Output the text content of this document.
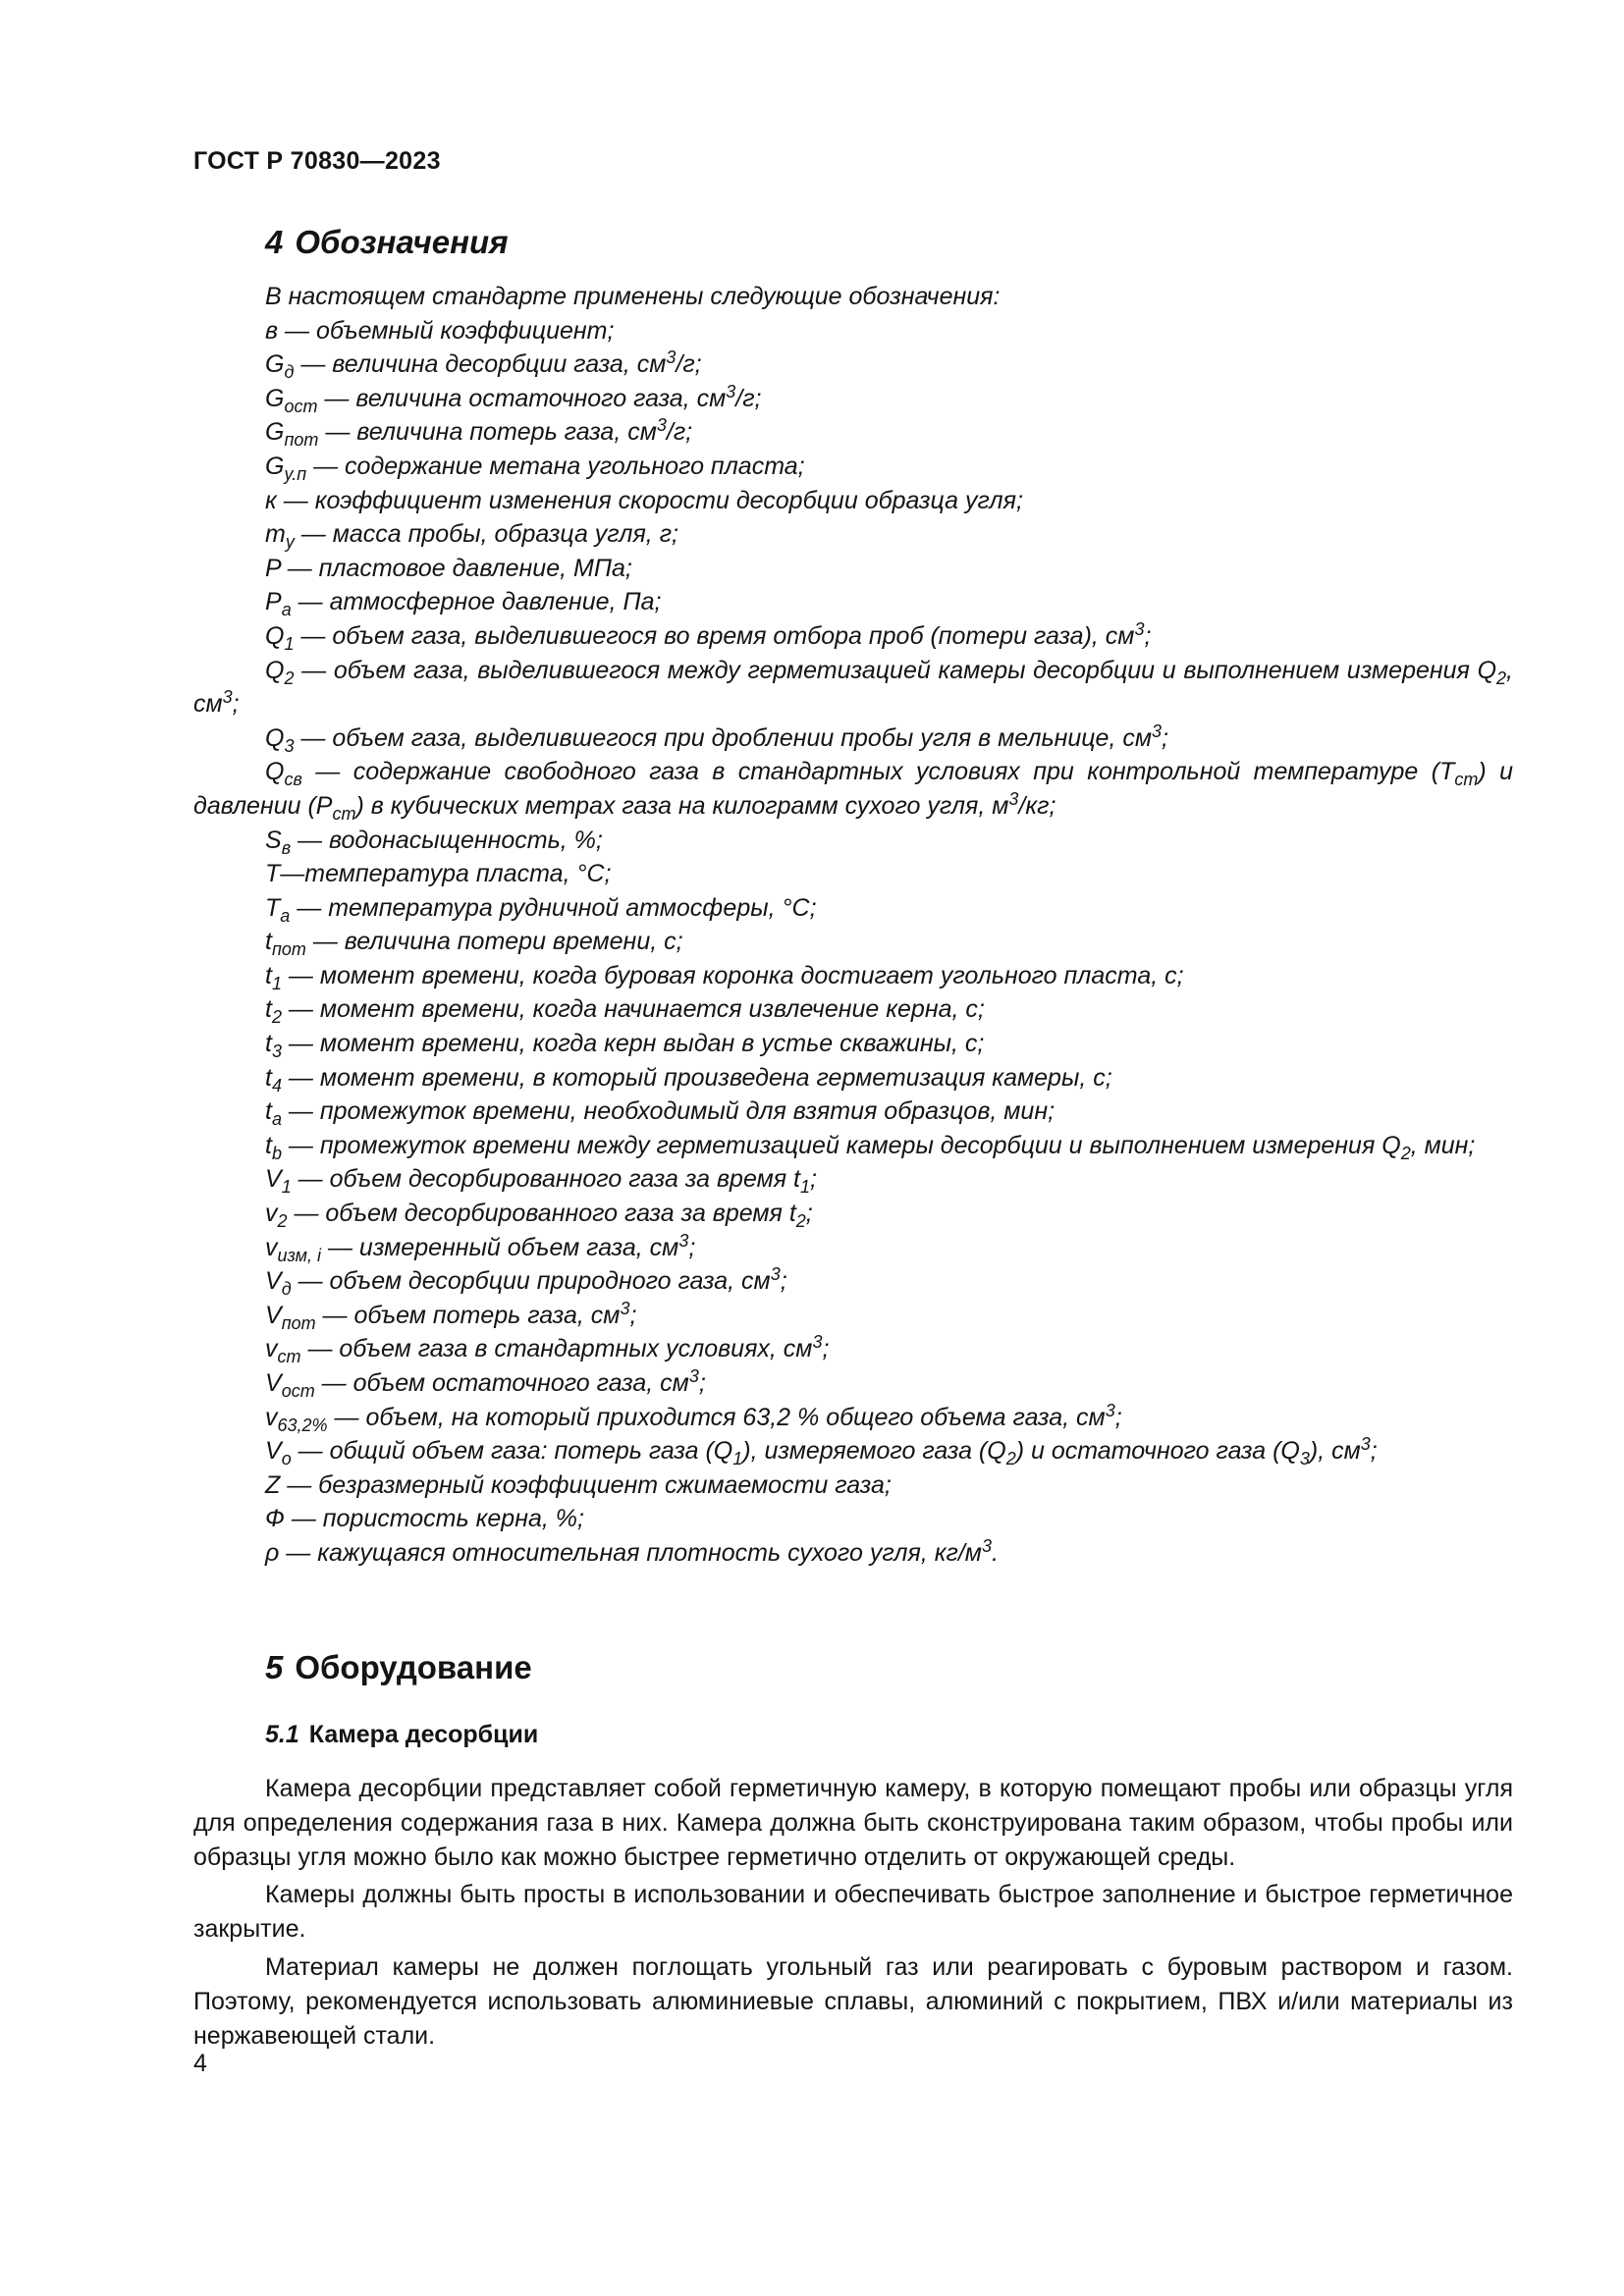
ГОСТ Р 70830—2023
4 Обозначения
В настоящем стандарте применены следующие обозначения:
в — объемный коэффициент;
$G_д$ — величина десорбции газа, $см^3/г$;
$G_{ост}$ — величина остаточного газа, $см^3/г$;
$G_{пот}$ — величина потерь газа, $см^3/г$;
$G_{у.п}$ — содержание метана угольного пласта;
к — коэффициент изменения скорости десорбции образца угля;
$m_у$ — масса пробы, образца угля, г;
P — пластовое давление, МПа;
$P_a$ — атмосферное давление, Па;
$Q_1$ — объем газа, выделившегося во время отбора проб (потери газа), $см^3$;
$Q_2$ — объем газа, выделившегося между герметизацией камеры десорбции и выполнением измерения $Q_2$, $см^3$;
$Q_3$ — объем газа, выделившегося при дроблении пробы угля в мельнице, $см^3$;
$Q_{св}$ — содержание свободного газа в стандартных условиях при контрольной температуре $(T_{cm})$ и давлении $(P_{cm})$ в кубических метрах газа на килограмм сухого угля, $м^3/кг$;
$S_в$ — водонасыщенность, %;
T—температура пласта, °С;
$T_a$ — температура рудничной атмосферы, °С;
$t_{пот}$ — величина потери времени, с;
$t_1$ — момент времени, когда буровая коронка достигает угольного пласта, с;
$t_2$ — момент времени, когда начинается извлечение керна, с;
$t_3$ — момент времени, когда керн выдан в устье скважины, с;
$t_4$ — момент времени, в который произведена герметизация камеры, с;
$t_a$ — промежуток времени, необходимый для взятия образцов, мин;
$t_b$ — промежуток времени между герметизацией камеры десорбции и выполнением измерения $Q_2$, мин;
$V_1$ — объем десорбированного газа за время $t_1$;
$v_2$ — объем десорбированного газа за время $t_2$;
$v_{изм, i}$ — измеренный объем газа, $см^3$;
$V_д$ — объем десорбции природного газа, $см^3$;
$V_{пот}$ — объем потерь газа, $см^3$;
$v_{cm}$ — объем газа в стандартных условиях, $см^3$;
$V_{ост}$ — объем остаточного газа, $см^3$;
$v_{63,2\%}$ — объем, на который приходится 63,2 % общего объема газа, $см^3$;
$V_o$ — общий объем газа: потерь газа $(Q_1)$, измеряемого газа $(Q_2)$ и остаточного газа $(Q_3)$, $см^3$;
Z — безразмерный коэффициент сжимаемости газа;
Ф — пористость керна, %;
ρ — кажущаяся относительная плотность сухого угля, $кг/м^3$.
5 Оборудование
5.1 Камера десорбции
Камера десорбции представляет собой герметичную камеру, в которую помещают пробы или образцы угля для определения содержания газа в них. Камера должна быть сконструирована таким образом, чтобы пробы или образцы угля можно было как можно быстрее герметично отделить от окружающей среды.
Камеры должны быть просты в использовании и обеспечивать быстрое заполнение и быстрое герметичное закрытие.
Материал камеры не должен поглощать угольный газ или реагировать с буровым раствором и газом. Поэтому, рекомендуется использовать алюминиевые сплавы, алюминий с покрытием, ПВХ и/или материалы из нержавеющей стали.
4
